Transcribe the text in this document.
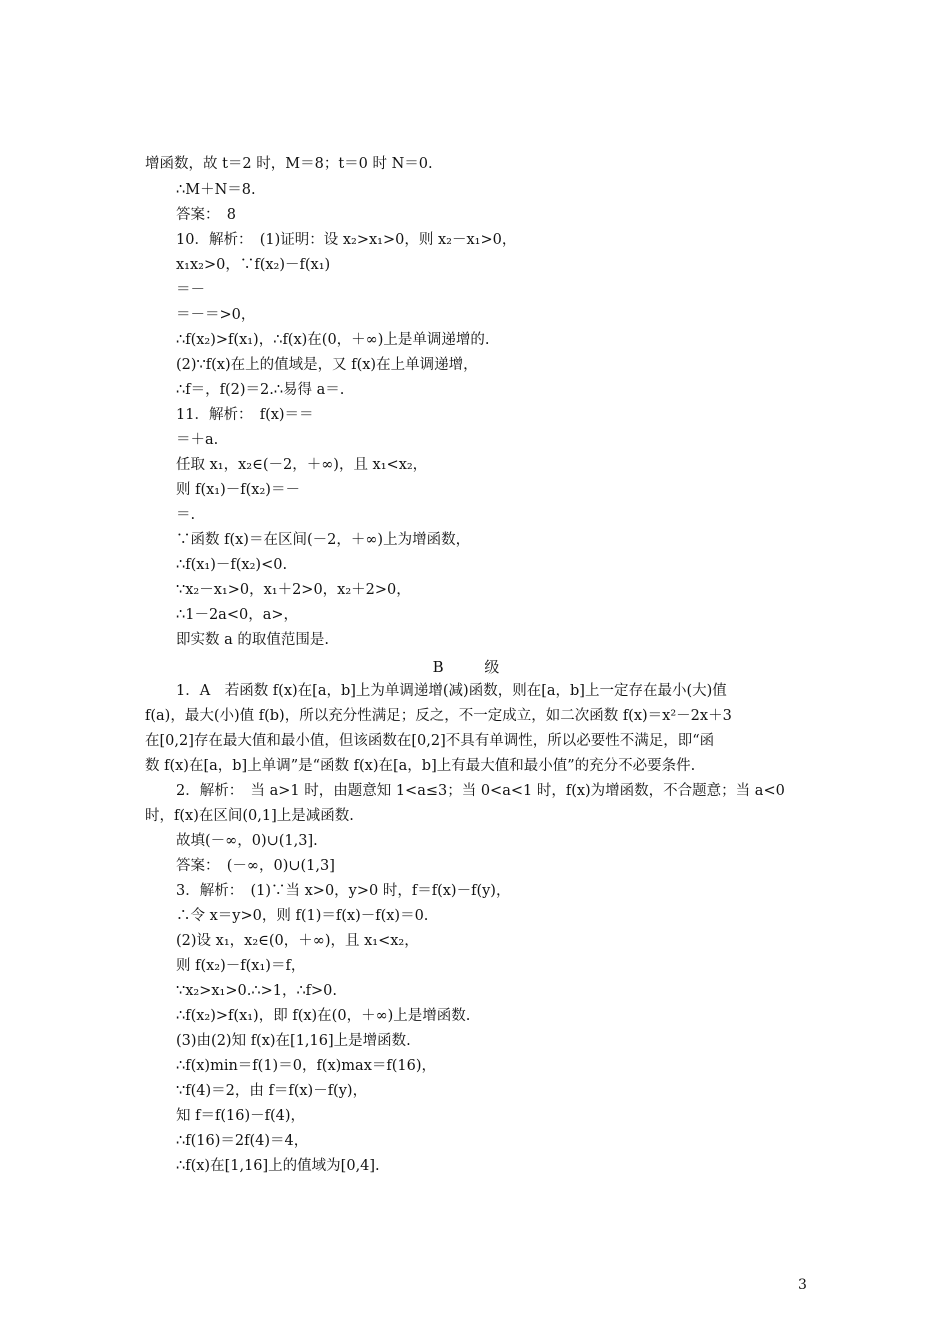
增函数，故 t＝2 时，M＝8；t＝0 时 N＝0.
∴M＋N＝8.
答案：　8
10．解析：　(1)证明：设 x₂>x₁>0，则 x₂－x₁>0，
x₁x₂>0，∵f(x₂)－f(x₁)
＝－
＝－＝>0，
∴f(x₂)>f(x₁)，∴f(x)在(0，＋∞)上是单调递增的.
(2)∵f(x)在上的值域是，又 f(x)在上单调递增，
∴f＝，f(2)＝2.∴易得 a＝.
11．解析：　f(x)＝＝
＝＋a.
任取 x₁，x₂∈(－2，＋∞)，且 x₁<x₂，
则 f(x₁)－f(x₂)＝－
＝.
∵函数 f(x)＝在区间(－2，＋∞)上为增函数，
∴f(x₁)－f(x₂)<0.
∵x₂－x₁>0，x₁＋2>0，x₂＋2>0，
∴1－2a<0，a>，
即实数 a 的取值范围是.
B 级
1．A　若函数 f(x)在[a，b]上为单调递增(减)函数，则在[a，b]上一定存在最小(大)值
f(a)，最大(小)值 f(b)，所以充分性满足；反之，不一定成立，如二次函数 f(x)＝x²－2x＋3
在[0,2]存在最大值和最小值，但该函数在[0,2]不具有单调性，所以必要性不满足，即“函
数 f(x)在[a，b]上单调”是“函数 f(x)在[a，b]上有最大值和最小值”的充分不必要条件.
2．解析：　当 a>1 时，由题意知 1<a≤3；当 0<a<1 时，f(x)为增函数，不合题意；当 a<0
时，f(x)在区间(0,1]上是减函数.
故填(－∞，0)∪(1,3].
答案：　(－∞，0)∪(1,3]
3．解析：　(1)∵当 x>0，y>0 时，f＝f(x)－f(y)，
∴令 x＝y>0，则 f(1)＝f(x)－f(x)＝0.
(2)设 x₁，x₂∈(0，＋∞)，且 x₁<x₂，
则 f(x₂)－f(x₁)＝f，
∵x₂>x₁>0.∴>1，∴f>0.
∴f(x₂)>f(x₁)，即 f(x)在(0，＋∞)上是增函数.
(3)由(2)知 f(x)在[1,16]上是增函数.
∴f(x)min＝f(1)＝0，f(x)max＝f(16)，
∵f(4)＝2，由 f＝f(x)－f(y)，
知 f＝f(16)－f(4)，
∴f(16)＝2f(4)＝4，
∴f(x)在[1,16]上的值域为[0,4].
3
